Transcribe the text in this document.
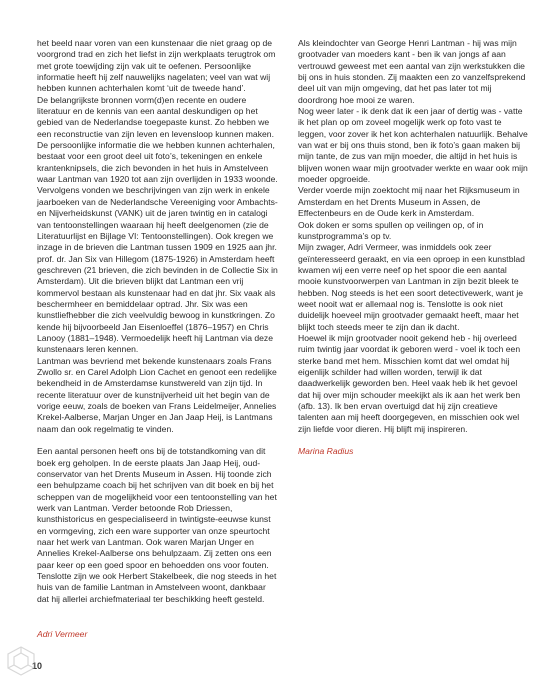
het beeld naar voren van een kunstenaar die niet graag op de voorgrond trad en zich het liefst in zijn werkplaats terugtrok om met grote toewijding zijn vak uit te oefenen. Persoonlijke informatie heeft hij zelf nauwelijks nagelaten; veel van wat wij hebben kunnen achterhalen komt ‘uit de tweede hand’.

De belangrijkste bronnen vorm(d)en recente en oudere literatuur en de kennis van een aantal deskundigen op het gebied van de Nederlandse toegepaste kunst. Zo hebben we een reconstructie van zijn leven en levensloop kunnen maken.

De persoonlijke informatie die we hebben kunnen achterhalen, bestaat voor een groot deel uit foto’s, tekeningen en enkele krantenknipsels, die zich bevonden in het huis in Amstelveen waar Lantman van 1920 tot aan zijn overlijden in 1933 woonde. Vervolgens vonden we beschrijvingen van zijn werk in enkele jaarboeken van de Nederlandsche Vereeniging voor Ambachts- en Nijverheidskunst (VANK) uit de jaren twintig en in catalogi van tentoonstellingen waaraan hij heeft deelgenomen (zie de Literatuurlijst en Bijlage VI: Tentoonstellingen). Ook kregen we inzage in de brieven die Lantman tussen 1909 en 1925 aan jhr. prof. dr. Jan Six van Hillegom (1875-1926) in Amsterdam heeft geschreven (21 brieven, die zich bevinden in de Collectie Six in Amsterdam). Uit die brieven blijkt dat Lantman een vrij kommervol bestaan als kunstenaar had en dat jhr. Six vaak als beschermheer en bemiddelaar optrad. Jhr. Six was een kunstliefhebber die zich veelvuldig bewoog in kunstkringen. Zo kende hij bijvoorbeeld Jan Eisenloeffel (1876–1957) en Chris Lanooy (1881–1948). Vermoedelijk heeft hij Lantman via deze kunstenaars leren kennen.

Lantman was bevriend met bekende kunstenaars zoals Frans Zwollo sr. en Carel Adolph Lion Cachet en genoot een redelijke bekendheid in de Amsterdamse kunstwereld van zijn tijd. In recente literatuur over de kunstnijverheid uit het begin van de vorige eeuw, zoals de boeken van Frans Leidelmeijer, Annelies Krekel-Aalberse, Marjan Unger en Jan Jaap Heij, is Lantmans naam dan ook regelmatig te vinden.

Een aantal personen heeft ons bij de totstandkoming van dit boek erg geholpen. In de eerste plaats Jan Jaap Heij, oud-conservator van het Drents Museum in Assen. Hij toonde zich een behulpzame coach bij het schrijven van dit boek en bij het scheppen van de mogelijkheid voor een tentoonstelling van het werk van Lantman. Verder betoonde Rob Driessen, kunsthistoricus en gespecialiseerd in twintigste-eeuwse kunst en vormgeving, zich een ware supporter van onze speurtocht naar het werk van Lantman. Ook waren Marjan Unger en Annelies Krekel-Aalberse ons behulpzaam. Zij zetten ons een paar keer op een goed spoor en behoedden ons voor fouten. Tenslotte zijn we ook Herbert Stakelbeek, die nog steeds in het huis van de familie Lantman in Amstelveen woont, dankbaar dat hij allerlei archiefmateriaal ter beschikking heeft gesteld.

Adri Vermeer

Als kleindochter van George Henri Lantman - hij was mijn grootvader van moeders kant - ben ik van jongs af aan vertrouwd geweest met een aantal van zijn werkstukken die bij ons in huis stonden. Zij maakten een zo vanzelfsprekend deel uit van mijn omgeving, dat het pas later tot mij doordrong hoe mooi ze waren.

Nog weer later - ik denk dat ik een jaar of dertig was - vatte ik het plan op om zoveel mogelijk werk op foto vast te leggen, voor zover ik het kon achterhalen natuurlijk. Behalve van wat er bij ons thuis stond, ben ik foto’s gaan maken bij mijn tante, de zus van mijn moeder, die altijd in het huis is blijven wonen waar mijn grootvader werkte en waar ook mijn moeder opgroeide.

Verder voerde mijn zoektocht mij naar het Rijksmuseum in Amsterdam en het Drents Museum in Assen, de Effectenbeurs en de Oude kerk in Amsterdam.

Ook doken er soms spullen op veilingen op, of in kunstprogramma’s op tv.

Mijn zwager, Adri Vermeer, was inmiddels ook zeer geïnteresseerd geraakt, en via een oproep in een kunstblad kwamen wij een verre neef op het spoor die een aantal mooie kunstvoorwerpen van Lantman in zijn bezit bleek te hebben. Nog steeds is het een soort detectivewerk, want je weet nooit wat er allemaal nog is. Tenslotte is ook niet duidelijk hoeveel mijn grootvader gemaakt heeft, maar het blijkt toch steeds meer te zijn dan ik dacht.

Hoewel ik mijn grootvader nooit gekend heb - hij overleed ruim twintig jaar voordat ik geboren werd - voel ik toch een sterke band met hem. Misschien komt dat wel omdat hij eigenlijk schilder had willen worden, terwijl ik dat daadwerkelijk geworden ben. Heel vaak heb ik het gevoel dat hij over mijn schouder meekijkt als ik aan het werk ben (afb. 13). Ik ben ervan overtuigd dat hij zijn creatieve talenten aan mij heeft doorgegeven, en misschien ook wel zijn liefde voor dieren. Hij blijft mij inspireren.

Marina Radius

10
